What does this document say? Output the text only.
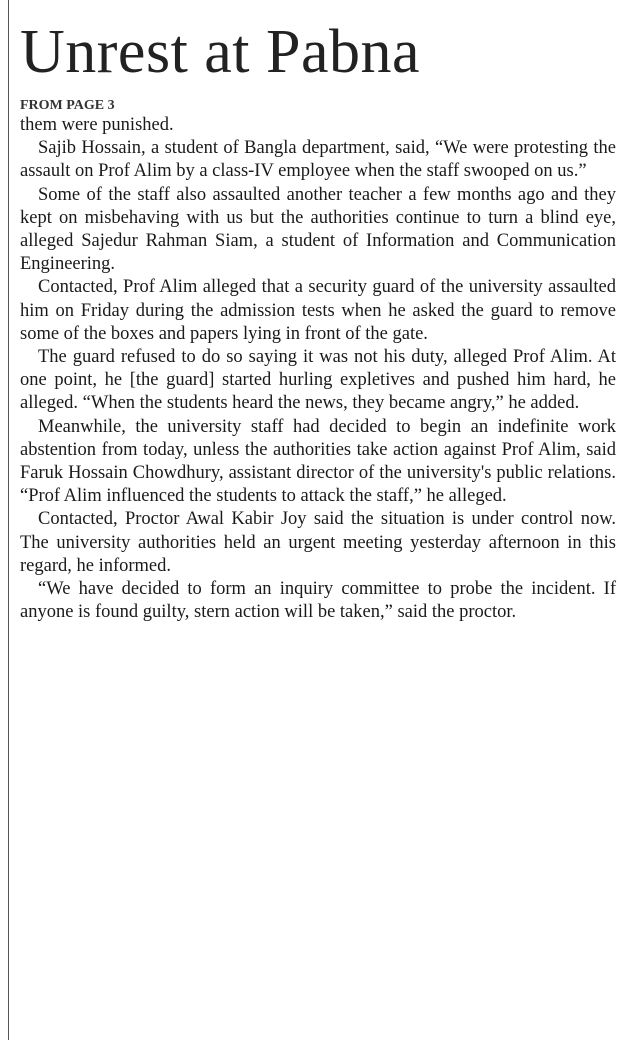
Unrest at Pabna
FROM PAGE 3

them were punished.

Sajib Hossain, a student of Bangla department, said, “We were protesting the assault on Prof Alim by a class-IV employee when the staff swooped on us.”

Some of the staff also assaulted another teacher a few months ago and they kept on misbehaving with us but the authorities continue to turn a blind eye, alleged Sajedur Rahman Siam, a student of Information and Communication Engineering.

Contacted, Prof Alim alleged that a security guard of the university assaulted him on Friday during the admission tests when he asked the guard to remove some of the boxes and papers lying in front of the gate.

The guard refused to do so saying it was not his duty, alleged Prof Alim. At one point, he [the guard] started hurling expletives and pushed him hard, he alleged. “When the students heard the news, they became angry,” he added.

Meanwhile, the university staff had decided to begin an indefinite work abstention from today, unless the authorities take action against Prof Alim, said Faruk Hossain Chowdhury, assistant director of the university's public relations. “Prof Alim influenced the students to attack the staff,” he alleged.

Contacted, Proctor Awal Kabir Joy said the situation is under control now. The university authorities held an urgent meeting yesterday afternoon in this regard, he informed.

“We have decided to form an inquiry committee to probe the incident. If anyone is found guilty, stern action will be taken,” said the proctor.
